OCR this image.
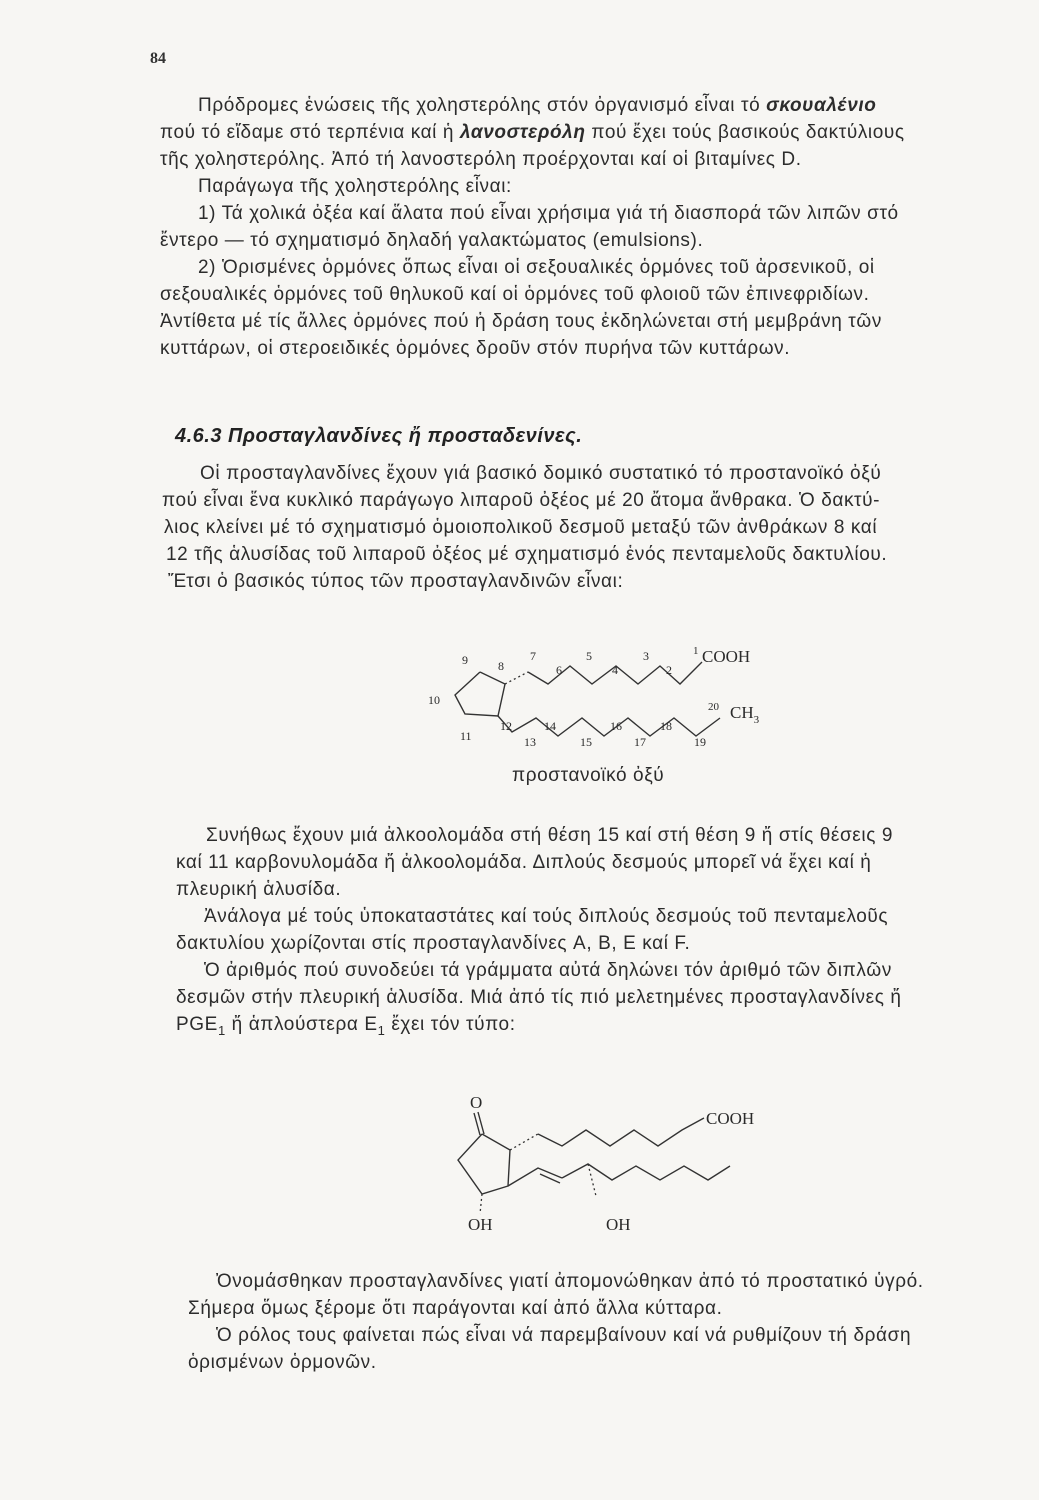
84
Πρόδρομες ἑνώσεις τῆς χοληστερόλης στόν ὀργανισμό εἶναι τό σκουαλένιο
πού τό εἴδαμε στό τερπένια καί ἡ λανοστερόλη πού ἔχει τούς βασικούς δακτύλιους
τῆς χοληστερόλης. Ἀπό τή λανοστερόλη προέρχονται καί οἱ βιταμίνες D.
Παράγωγα τῆς χοληστερόλης εἶναι:
1) Τά χολικά ὀξέα καί ἅλατα πού εἶναι χρήσιμα γιά τή διασπορά τῶν λιπῶν στό
ἔντερο — τό σχηματισμό δηλαδή γαλακτώματος (emulsions).
2) Ὁρισμένες ὁρμόνες ὅπως εἶναι οἱ σεξουαλικές ὁρμόνες τοῦ ἀρσενικοῦ, οἱ
σεξουαλικές ὁρμόνες τοῦ θηλυκοῦ καί οἱ ὁρμόνες τοῦ φλοιοῦ τῶν ἐπινεφριδίων.
Ἀντίθετα μέ τίς ἄλλες ὁρμόνες πού ἡ δράση τους ἐκδηλώνεται στή μεμβράνη τῶν
κυττάρων, οἱ στεροειδικές ὁρμόνες δροῦν στόν πυρήνα τῶν κυττάρων.
4.6.3 Προσταγλανδίνες ἤ προσταδενίνες.
Οἱ προσταγλανδίνες ἔχουν γιά βασικό δομικό συστατικό τό προστανοϊκό ὀξύ
πού εἶναι ἕνα κυκλικό παράγωγο λιπαροῦ ὀξέος μέ 20 ἄτομα ἄνθρακα. Ὁ δακτύ-
λιος κλείνει μέ τό σχηματισμό ὁμοιοπολικοῦ δεσμοῦ μεταξύ τῶν ἀνθράκων 8 καί
12 τῆς ἁλυσίδας τοῦ λιπαροῦ ὀξέος μέ σχηματισμό ἑνός πενταμελοῦς δακτυλίου.
Ἔτσι ὁ βασικός τύπος τῶν προσταγλανδινῶν εἶναι:
COOH
1
20 $CH_3$
9	8
7
6
5
4
3
2
10
11
12
13
14
15
16
17
18
19
προστανοϊκό ὀξύ
Συνήθως ἔχουν μιά ἀλκοολομάδα στή θέση 15 καί στή θέση 9 ἤ στίς θέσεις 9
καί 11 καρβονυλομάδα ἤ ἀλκοολομάδα. Διπλούς δεσμούς μπορεῖ νά ἔχει καί ἡ
πλευρική ἁλυσίδα.
Ἀνάλογα μέ τούς ὑποκαταστάτες καί τούς διπλούς δεσμούς τοῦ πενταμελοῦς
δακτυλίου χωρίζονται στίς προσταγλανδίνες A, B, E καί F.
Ὁ ἀριθμός πού συνοδεύει τά γράμματα αὐτά δηλώνει τόν ἀριθμό τῶν διπλῶν
δεσμῶν στήν πλευρική ἁλυσίδα. Μιά ἀπό τίς πιό μελετημένες προσταγλανδίνες ἤ
$PGE_1$ ἤ ἁπλούστερα $E_1$ ἔχει τόν τύπο:
O
COOH
OH	OH
Ὀνομάσθηκαν προσταγλανδίνες γιατί ἀπομονώθηκαν ἀπό τό προστατικό ὑγρό.
Σήμερα ὅμως ξέρομε ὅτι παράγονται καί ἀπό ἄλλα κύτταρα.
Ὁ ρόλος τους φαίνεται πώς εἶναι νά παρεμβαίνουν καί νά ρυθμίζουν τή δράση
ὁρισμένων ὁρμονῶν.
